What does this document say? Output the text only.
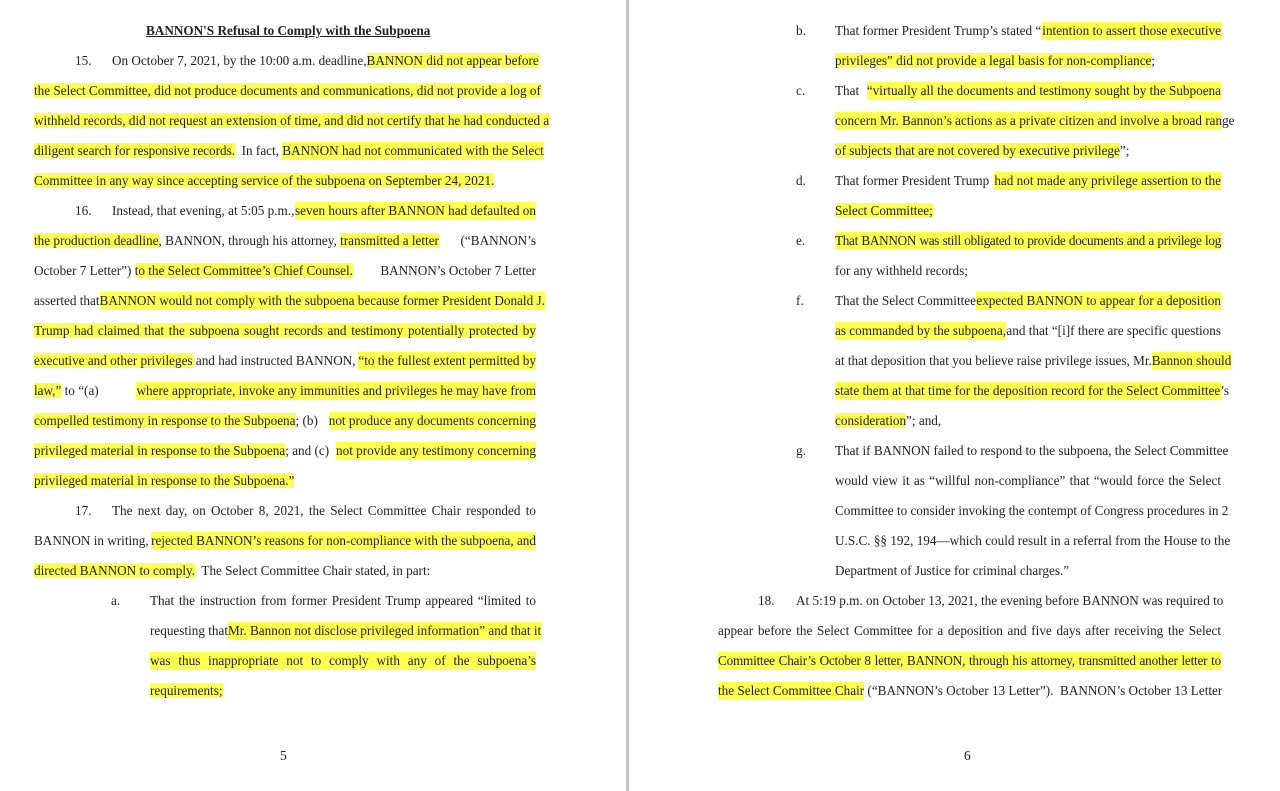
BANNON'S Refusal to Comply with the Subpoena
15. On October 7, 2021, by the 10:00 a.m. deadline, BANNON did not appear before
the Select Committee, did not produce documents and communications, did not provide a log of
withheld records, did not request an extension of time, and did not certify that he had conducted a
diligent search for responsive records.  In fact, BANNON had not communicated with the Select
Committee in any way since accepting service of the subpoena on September 24, 2021.
16. Instead, that evening, at 5:05 p.m., seven hours after BANNON had defaulted on
the production deadline, BANNON, through his attorney, transmitted a letter (“BANNON’s
October 7 Letter”) to the Select Committee’s Chief Counsel. BANNON’s October 7 Letter
asserted that BANNON would not comply with the subpoena because former President Donald J.
Trump had claimed that the subpoena sought records and testimony potentially protected by
executive and other privileges and had instructed BANNON, “to the fullest extent permitted by
law,” to “(a)	where appropriate, invoke any immunities and privileges he may have from
compelled testimony in response to the Subpoena; (b) not produce any documents concerning
privileged material in response to the Subpoena; and (c) not provide any testimony concerning
privileged material in response to the Subpoena.”
17. The next day, on October 8, 2021, the Select Committee Chair responded to
BANNON in writing, rejected BANNON’s reasons for non-compliance with the subpoena, and
directed BANNON to comply.  The Select Committee Chair stated, in part:
a. That the instruction from former President Trump appeared “limited to
requesting that Mr. Bannon not disclose privileged information” and that it
was thus inappropriate not to comply with any of the subpoena’s
requirements;
5
b. That former President Trump’s stated “ intention to assert those executive
privileges” did not provide a legal basis for non-compliance;
c. That “virtually all the documents and testimony sought by the Subpoena
concern Mr. Bannon’s actions as a private citizen and involve a broad range
of subjects that are not covered by executive privilege”;
d. That former President Trump had not made any privilege assertion to the
Select Committee;
e. That BANNON was still obligated to provide documents and a privilege log
for any withheld records;
f. That the Select Committee expected BANNON to appear for a deposition
as commanded by the subpoena, and that “[i]f there are specific questions
at that deposition that you believe raise privilege issues, Mr. Bannon should
state them at that time for the deposition record for the Select Committee’s
consideration”; and,
g. That if BANNON failed to respond to the subpoena, the Select Committee
would view it as “willful non-compliance” that “would force the Select
Committee to consider invoking the contempt of Congress procedures in 2
U.S.C. §§ 192, 194—which could result in a referral from the House to the
Department of Justice for criminal charges.”
18. At 5:19 p.m. on October 13, 2021, the evening before BANNON was required to
appear before the Select Committee for a deposition and five days after receiving the Select
Committee Chair’s October 8 letter, BANNON, through his attorney, transmitted another letter to
the Select Committee Chair (“BANNON’s October 13 Letter”).  BANNON’s October 13 Letter
6
